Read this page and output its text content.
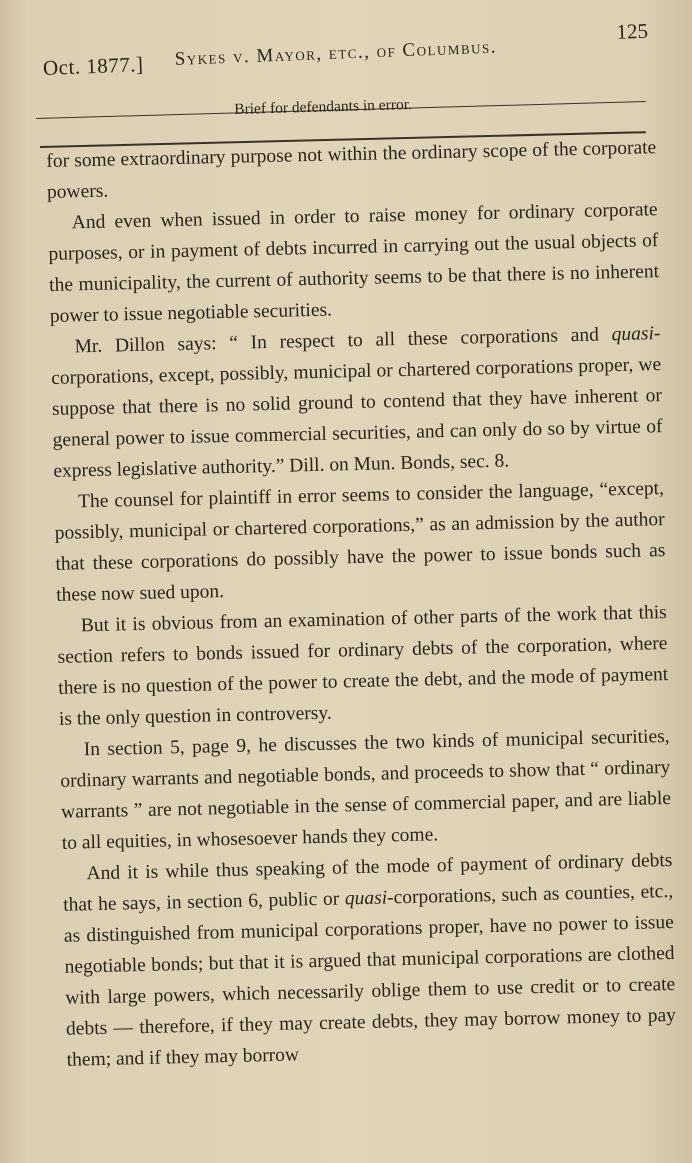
Oct. 1877.] Sykes v. Mayor, etc., of Columbus.
125
Brief for defendants in error.

for some extraordinary purpose not within the ordinary scope of the corporate powers.

And even when issued in order to raise money for ordinary corporate purposes, or in payment of debts incurred in carrying out the usual objects of the municipality, the current of authority seems to be that there is no inherent power to issue negotiable securities.

Mr. Dillon says: “ In respect to all these corporations and quasi-corporations, except, possibly, municipal or chartered corporations proper, we suppose that there is no solid ground to contend that they have inherent or general power to issue commercial securities, and can only do so by virtue of express legislative authority.” Dill. on Mun. Bonds, sec. 8.

The counsel for plaintiff in error seems to consider the language, “except, possibly, municipal or chartered corporations,” as an admission by the author that these corporations do possibly have the power to issue bonds such as these now sued upon.

But it is obvious from an examination of other parts of the work that this section refers to bonds issued for ordinary debts of the corporation, where there is no question of the power to create the debt, and the mode of payment is the only question in controversy.

In section 5, page 9, he discusses the two kinds of municipal securities, ordinary warrants and negotiable bonds, and proceeds to show that “ ordinary warrants ” are not negotiable in the sense of commercial paper, and are liable to all equities, in whosesoever hands they come.

And it is while thus speaking of the mode of payment of ordinary debts that he says, in section 6, public or quasi-corporations, such as counties, etc., as distinguished from municipal corporations proper, have no power to issue negotiable bonds; but that it is argued that municipal corporations are clothed with large powers, which necessarily oblige them to use credit or to create debts — therefore, if they may create debts, they may borrow money to pay them; and if they may borrow
